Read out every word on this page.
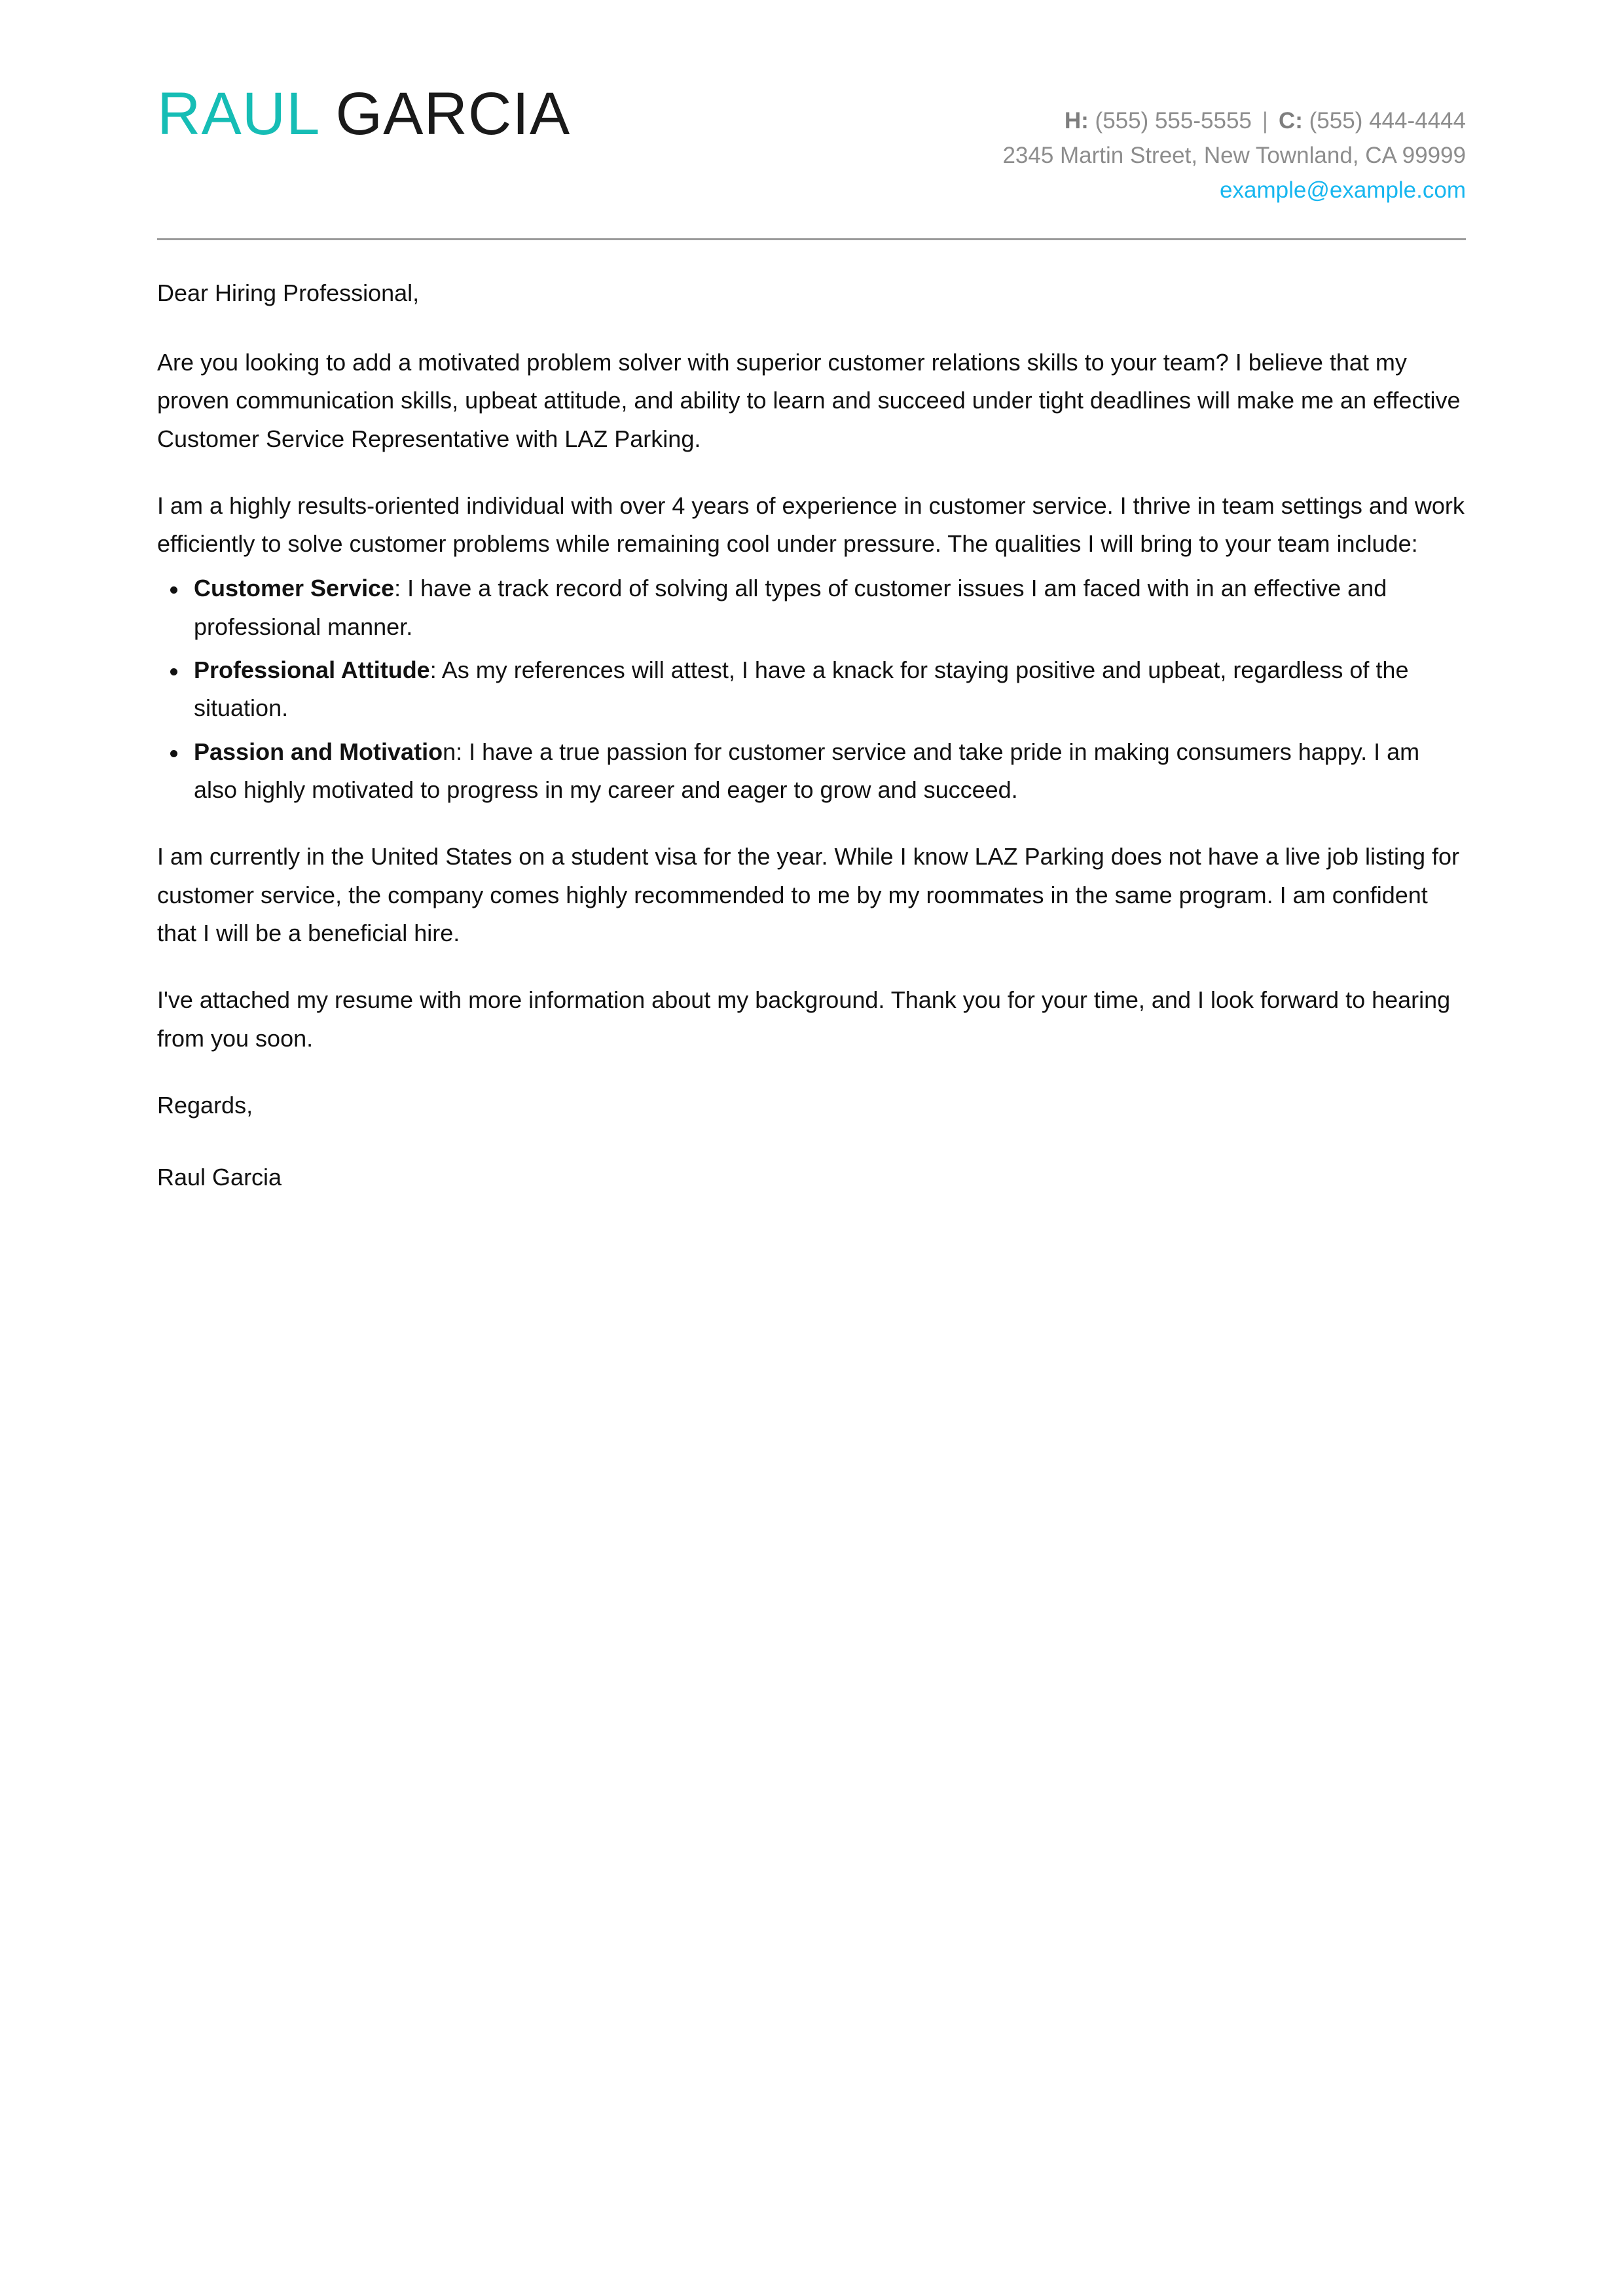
RAUL GARCIA	H: (555) 555-5555 | C: (555) 444-4444
2345 Martin Street, New Townland, CA 99999
example@example.com

Dear Hiring Professional,

Are you looking to add a motivated problem solver with superior customer relations skills to your team? I believe that my proven communication skills, upbeat attitude, and ability to learn and succeed under tight deadlines will make me an effective Customer Service Representative with LAZ Parking.

I am a highly results-oriented individual with over 4 years of experience in customer service. I thrive in team settings and work efficiently to solve customer problems while remaining cool under pressure. The qualities I will bring to your team include:

Customer Service: I have a track record of solving all types of customer issues I am faced with in an effective and professional manner.
Professional Attitude: As my references will attest, I have a knack for staying positive and upbeat, regardless of the situation.
Passion and Motivation: I have a true passion for customer service and take pride in making consumers happy. I am also highly motivated to progress in my career and eager to grow and succeed.

I am currently in the United States on a student visa for the year. While I know LAZ Parking does not have a live job listing for customer service, the company comes highly recommended to me by my roommates in the same program. I am confident that I will be a beneficial hire.

I've attached my resume with more information about my background. Thank you for your time, and I look forward to hearing from you soon.

Regards,

Raul Garcia
